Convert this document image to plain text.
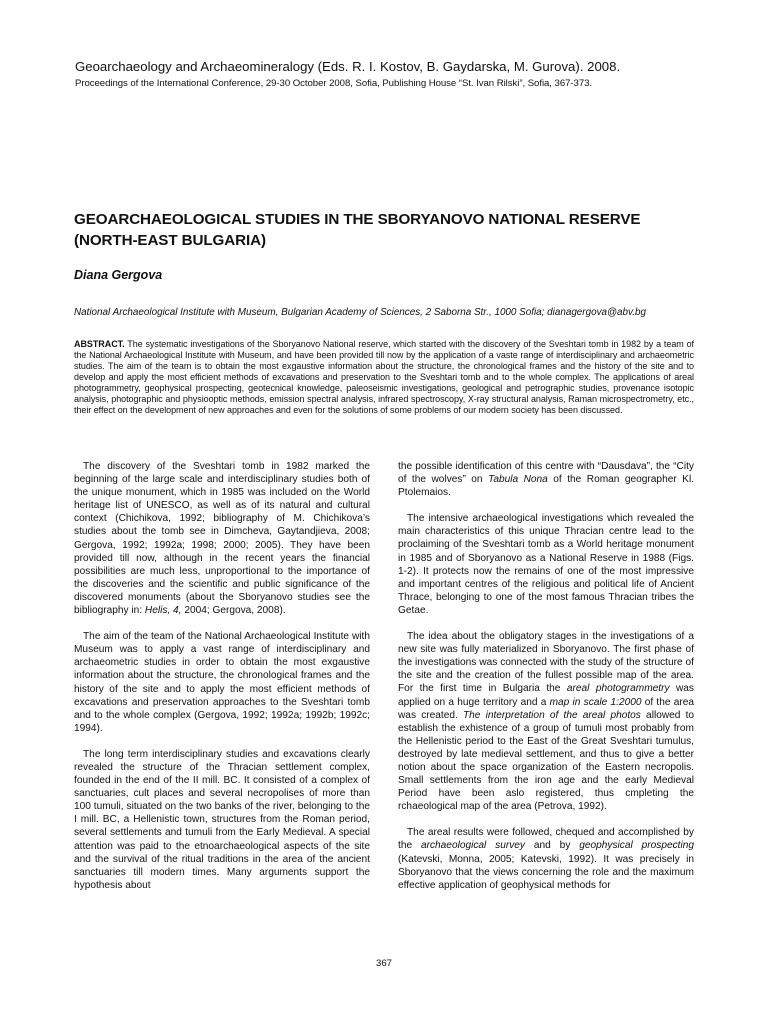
Geoarchaeology and Archaeomineralogy (Eds. R. I. Kostov, B. Gaydarska, M. Gurova). 2008.
Proceedings of the International Conference, 29-30 October 2008, Sofia, Publishing House “St. Ivan Rilski”, Sofia, 367-373.
GEOARCHAEOLOGICAL STUDIES IN THE SBORYANOVO NATIONAL RESERVE
(NORTH-EAST BULGARIA)
Diana Gergova
National Archaeological Institute with Museum, Bulgarian Academy of Sciences, 2 Saborna Str., 1000 Sofia; dianagergova@abv.bg
ABSTRACT. The systematic investigations of the Sboryanovo National reserve, which started with the discovery of the Sveshtari tomb in 1982 by a team of the National Archaeological Institute with Museum, and have been provided till now by the application of a vaste range of interdisciplinary and archaeometric studies. The aim of the team is to obtain the most exgaustive information about the structure, the chronological frames and the history of the site and to develop and apply the most efficient methods of excavations and preservation to the Sveshtari tomb and to the whole complex. The applications of areal photogrammetry, geophysical prospecting, geotecnical knowledge, paleoseismic investigations, geological and petrographic studies, provenance isotopic analysis, photographic and physiooptic methods, emission spectral analysis, infrared spectroscopy, X-ray structural analysis, Raman microspectrometry, etc., their effect on the development of new approaches and even for the solutions of some problems of our modern society has been discussed.

The discovery of the Sveshtari tomb in 1982 marked the beginning of the large scale and interdisciplinary studies both of the unique monument, which in 1985 was included on the World heritage list of UNESCO, as well as of its natural and cultural context (Chichikova, 1992; bibliography of M. Chichikova’s studies about the tomb see in Dimcheva, Gaytandjieva, 2008; Gergova, 1992; 1992a; 1998; 2000; 2005). They have been provided till now, although in the recent years the financial possibilities are much less, unproportional to the importance of the discoveries and the scientific and public significance of the discovered monuments (about the Sboryanovo studies see the bibliography in: Helis, 4, 2004; Gergova, 2008).

The aim of the team of the National Archaeological Institute with Museum was to apply a vast range of interdisciplinary and archaeometric studies in order to obtain the most exgaustive information about the structure, the chronological frames and the history of the site and to apply the most efficient methods of excavations and preservation approaches to the Sveshtari tomb and to the whole complex (Gergova, 1992; 1992a; 1992b; 1992c; 1994).

The long term interdisciplinary studies and excavations clearly revealed the structure of the Thracian settlement complex, founded in the end of the II mill. BC. It consisted of a complex of sanctuaries, cult places and several necropolises of more than 100 tumuli, situated on the two banks of the river, belonging to the I mill. BC, a Hellenistic town, structures from the Roman period, several settlements and tumuli from the Early Medieval. A special attention was paid to the etnoarchaeological aspects of the site and the survival of the ritual traditions in the area of the ancient sanctuaries till modern times. Many arguments support the hypothesis about

the possible identification of this centre with “Dausdava”, the “City of the wolves” on Tabula Nona of the Roman geographer Kl. Ptolemaios.

The intensive archaeological investigations which revealed the main characteristics of this unique Thracian centre lead to the proclaiming of the Sveshtari tomb as a World heritage monument in 1985 and of Sboryanovo as a National Reserve in 1988 (Figs. 1-2). It protects now the remains of one of the most impressive and important centres of the religious and political life of Ancient Thrace, belonging to one of the most famous Thracian tribes the Getae.

The idea about the obligatory stages in the investigations of a new site was fully materialized in Sboryanovo. The first phase of the investigations was connected with the study of the structure of the site and the creation of the fullest possible map of the area. For the first time in Bulgaria the areal photogrammetry was applied on a huge territory and a map in scale 1:2000 of the area was created. The interpretation of the areal photos allowed to establish the exhistence of a group of tumuli most probably from the Hellenistic period to the East of the Great Sveshtari tumulus, destroyed by late medieval settlement, and thus to give a better notion about the space organization of the Eastern necropolis. Small settlements from the iron age and the early Medieval Period have been aslo registered, thus cmpleting the rchaeological map of the area (Petrova, 1992).

The areal results were followed, chequed and accomplished by the archaeological survey and by geophysical prospecting (Katevski, Monna, 2005; Katevski, 1992). It was precisely in Sboryanovo that the views concerning the role and the maximum effective application of geophysical methods for

367
